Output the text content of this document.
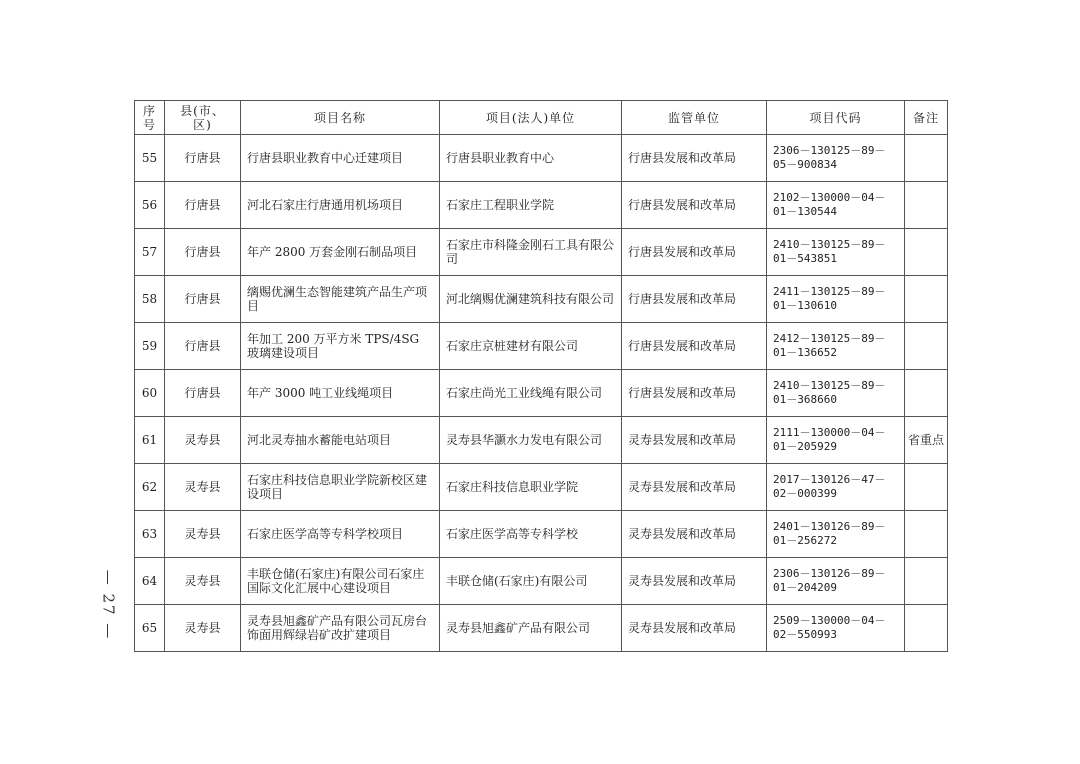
— 27 —
序号	县(市、区)	项目名称	项目(法人)单位	监管单位	项目代码	备注
55	行唐县	行唐县职业教育中心迁建项目	行唐县职业教育中心	行唐县发展和改革局	2306－130125－89－05－900834	
56	行唐县	河北石家庄行唐通用机场项目	石家庄工程职业学院	行唐县发展和改革局	2102－130000－04－01－130544	
57	行唐县	年产 2800 万套金刚石制品项目	石家庄市科隆金刚石工具有限公司	行唐县发展和改革局	2410－130125－89－01－543851	
58	行唐县	缡赐优澜生态智能建筑产品生产项目	河北缡赐优澜建筑科技有限公司	行唐县发展和改革局	2411－130125－89－01－130610	
59	行唐县	年加工 200 万平方米 TPS/4SG 玻璃建设项目	石家庄京桩建材有限公司	行唐县发展和改革局	2412－130125－89－01－136652	
60	行唐县	年产 3000 吨工业线绳项目	石家庄尚光工业线绳有限公司	行唐县发展和改革局	2410－130125－89－01－368660	
61	灵寿县	河北灵寿抽水蓄能电站项目	灵寿县华灏水力发电有限公司	灵寿县发展和改革局	2111－130000－04－01－205929	省重点
62	灵寿县	石家庄科技信息职业学院新校区建设项目	石家庄科技信息职业学院	灵寿县发展和改革局	2017－130126－47－02－000399	
63	灵寿县	石家庄医学高等专科学校项目	石家庄医学高等专科学校	灵寿县发展和改革局	2401－130126－89－01－256272	
64	灵寿县	丰联仓储(石家庄)有限公司石家庄国际文化汇展中心建设项目	丰联仓储(石家庄)有限公司	灵寿县发展和改革局	2306－130126－89－01－204209	
65	灵寿县	灵寿县旭鑫矿产品有限公司瓦房台饰面用辉绿岩矿改扩建项目	灵寿县旭鑫矿产品有限公司	灵寿县发展和改革局	2509－130000－04－02－550993	
